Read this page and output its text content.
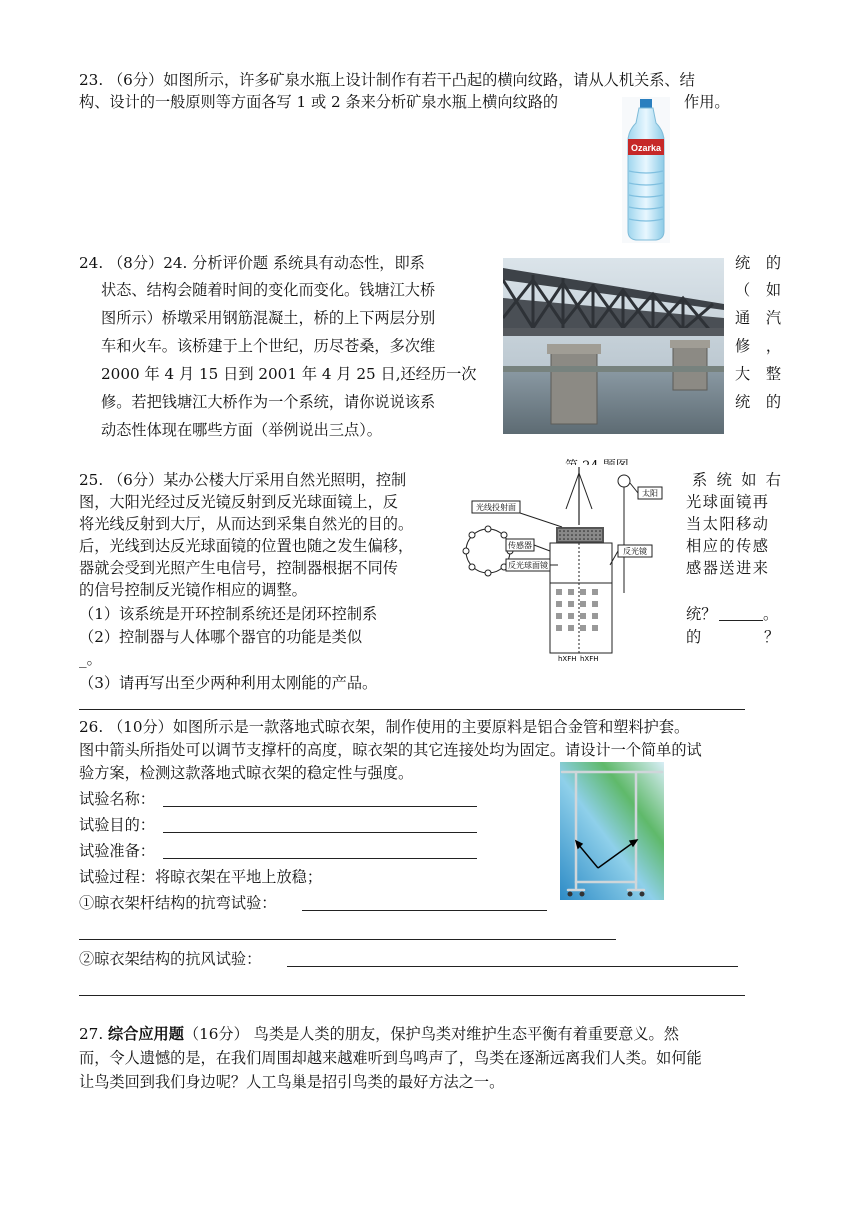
23. （6分）如图所示，许多矿泉水瓶上设计制作有若干凸起的横向纹路，请从人机关系、结
构、设计的一般原则等方面各写 1 或 2 条来分析矿泉水瓶上横向纹路的	作用。
Ozarka
24. （8分）24. 分析评价题 系统具有动态性，即系	统 的
状态、结构会随着时间的变化而变化。钱塘江大桥	（ 如
图所示）桥墩采用钢筋混凝土，桥的上下两层分别	通 汽
车和火车。该桥建于上个世纪，历尽苍桑，多次维	修 ，
2000 年 4 月 15 日到 2001 年 4 月 25 日,还经历一次	大 整
修。若把钱塘江大桥作为一个系统，请你说说该系	统 的
动态性体现在哪些方面（举例说出三点）。
25. （6分）某办公楼大厅采用自然光照明，控制	系 统 如 右
图，大阳光经过反光镜反射到反光球面镜上，反	光球面镜再
将光线反射到大厅，从而达到采集自然光的目的。	当太阳移动
后，光线到达反光球面镜的位置也随之发生偏移，	相应的传感
器就会受到光照产生电信号，控制器根据不同传	感器送进来
的信号控制反光镜作相应的调整。
（1）该系统是开环控制系统还是闭环控制系	统？	。
（2）控制器与人体哪个器官的功能是类似	的	？
_。
（3）请再写出至少两种利用太刚能的产品。
光线投射面
传感器
反光球面镜
反光镜
太阳
hXFH hXFH
26. （10分）如图所示是一款落地式晾衣架，制作使用的主要原料是铝合金管和塑料护套。
图中箭头所指处可以调节支撑杆的高度，晾衣架的其它连接处均为固定。请设计一个简单的试
验方案，检测这款落地式晾衣架的稳定性与强度。
试验名称：
试验目的：
试验准备：
试验过程：将晾衣架在平地上放稳；
①晾衣架杆结构的抗弯试验：
②晾衣架结构的抗风试验：
27. 综合应用题（16分） 鸟类是人类的朋友，保护鸟类对维护生态平衡有着重要意义。然
而，令人遗憾的是，在我们周围却越来越难听到鸟鸣声了，鸟类在逐渐远离我们人类。如何能
让鸟类回到我们身边呢？人工鸟巢是招引鸟类的最好方法之一。
